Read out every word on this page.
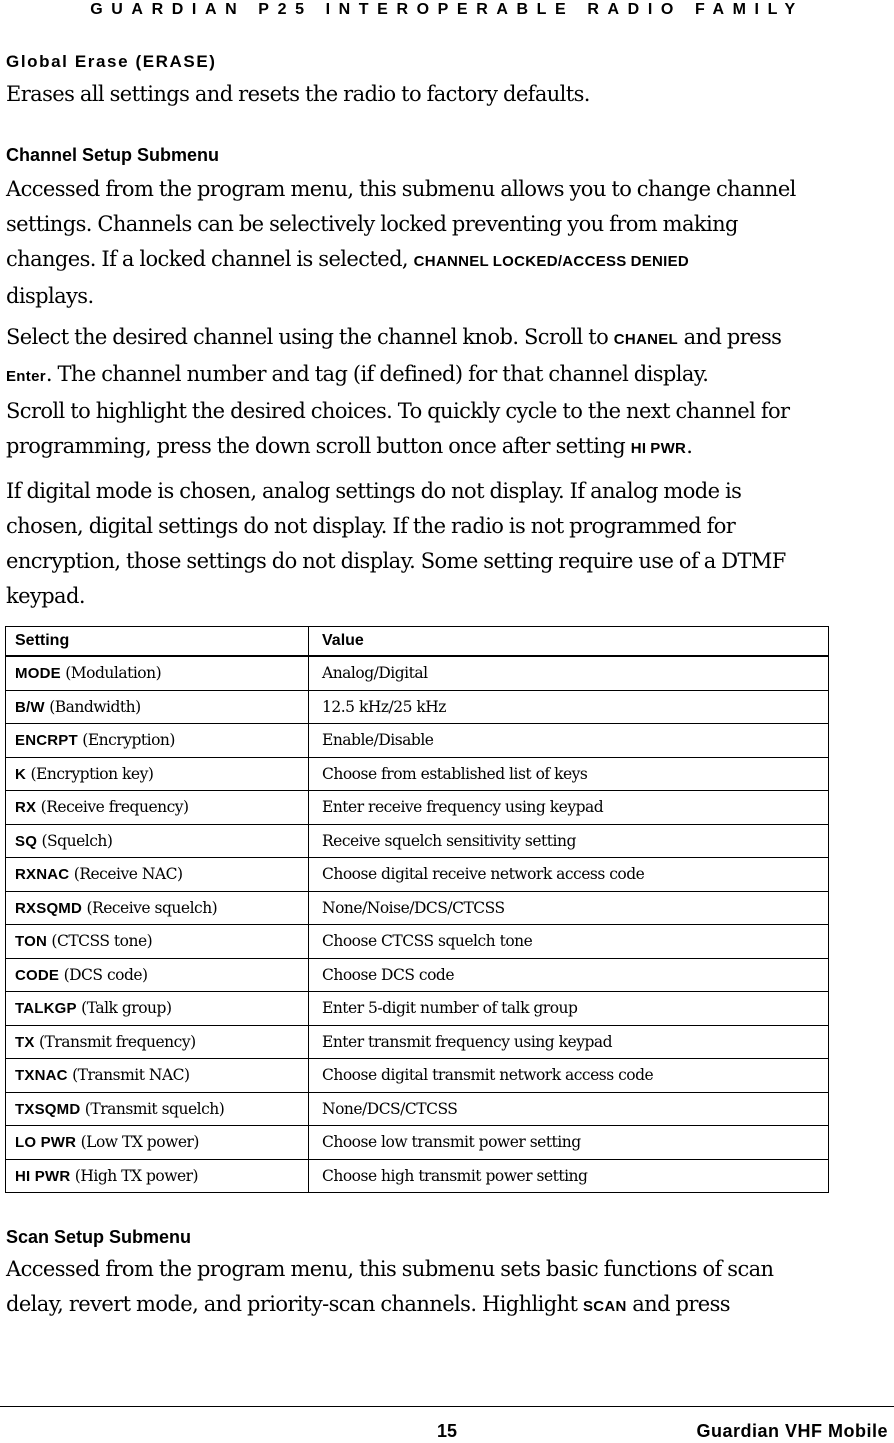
GUARDIAN P25 INTEROPERABLE RADIO FAMILY
Global Erase (ERASE)
Erases all settings and resets the radio to factory defaults.
Channel Setup Submenu
Accessed from the program menu, this submenu allows you to change channel
settings. Channels can be selectively locked preventing you from making
changes. If a locked channel is selected, CHANNEL LOCKED/ACCESS DENIED
displays.
Select the desired channel using the channel knob. Scroll to CHANEL and press
Enter. The channel number and tag (if defined) for that channel display.
Scroll to highlight the desired choices. To quickly cycle to the next channel for
programming, press the down scroll button once after setting HI PWR.
If digital mode is chosen, analog settings do not display. If analog mode is
chosen, digital settings do not display. If the radio is not programmed for
encryption, those settings do not display. Some setting require use of a DTMF
keypad.
Setting	Value
MODE (Modulation)	Analog/Digital
B/W (Bandwidth)	12.5 kHz/25 kHz
ENCRPT (Encryption)	Enable/Disable
K (Encryption key)	Choose from established list of keys
RX (Receive frequency)	Enter receive frequency using keypad
SQ (Squelch)	Receive squelch sensitivity setting
RXNAC (Receive NAC)	Choose digital receive network access code
RXSQMD (Receive squelch)	None/Noise/DCS/CTCSS
TON (CTCSS tone)	Choose CTCSS squelch tone
CODE (DCS code)	Choose DCS code
TALKGP (Talk group)	Enter 5-digit number of talk group
TX (Transmit frequency)	Enter transmit frequency using keypad
TXNAC (Transmit NAC)	Choose digital transmit network access code
TXSQMD (Transmit squelch)	None/DCS/CTCSS
LO PWR (Low TX power)	Choose low transmit power setting
HI PWR (High TX power)	Choose high transmit power setting
Scan Setup Submenu
Accessed from the program menu, this submenu sets basic functions of scan
delay, revert mode, and priority-scan channels. Highlight SCAN and press
15	Guardian VHF Mobile
